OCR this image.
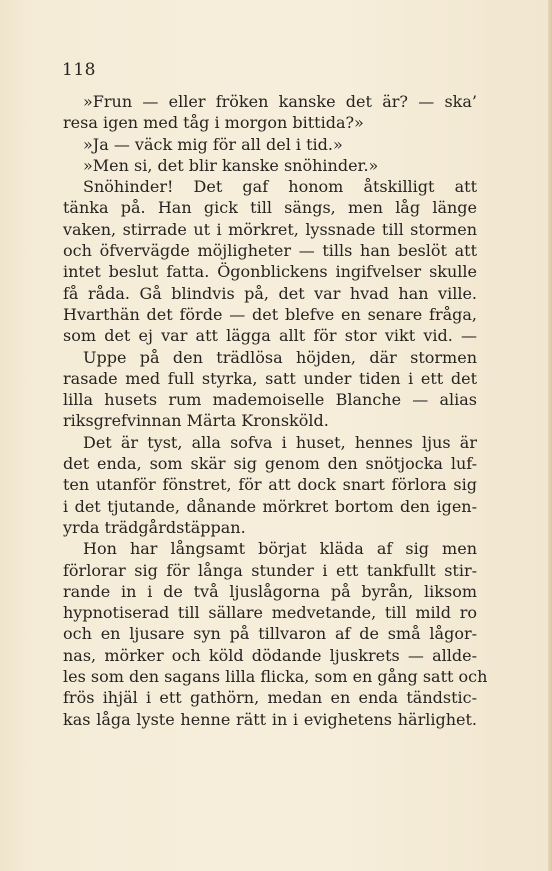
118
»Frun — eller fröken kanske det är? — ska’
resa igen med tåg i morgon bittida?»
»Ja — väck mig för all del i tid.»
»Men si, det blir kanske snöhinder.»
Snöhinder! Det gaf honom åtskilligt att
tänka på. Han gick till sängs, men låg länge
vaken, stirrade ut i mörkret, lyssnade till stormen
och öfvervägde möjligheter — tills han beslöt att
intet beslut fatta. Ögonblickens ingifvelser skulle
få råda. Gå blindvis på, det var hvad han ville.
Hvarthän det förde — det blefve en senare fråga,
som det ej var att lägga allt för stor vikt vid. —
Uppe på den trädlösa höjden, där stormen
rasade med full styrka, satt under tiden i ett det
lilla husets rum mademoiselle Blanche — alias
riksgrefvinnan Märta Kronsköld.
Det är tyst, alla sofva i huset, hennes ljus är
det enda, som skär sig genom den snötjocka luf-
ten utanför fönstret, för att dock snart förlora sig
i det tjutande, dånande mörkret bortom den igen-
yrda trädgårdstäppan.
Hon har långsamt börjat kläda af sig men
förlorar sig för långa stunder i ett tankfullt stir-
rande in i de två ljuslågorna på byrån, liksom
hypnotiserad till sällare medvetande, till mild ro
och en ljusare syn på tillvaron af de små lågor-
nas, mörker och köld dödande ljuskrets — allde-
les som den sagans lilla flicka, som en gång satt och
frös ihjäl i ett gathörn, medan en enda tändstic-
kas låga lyste henne rätt in i evighetens härlighet.
